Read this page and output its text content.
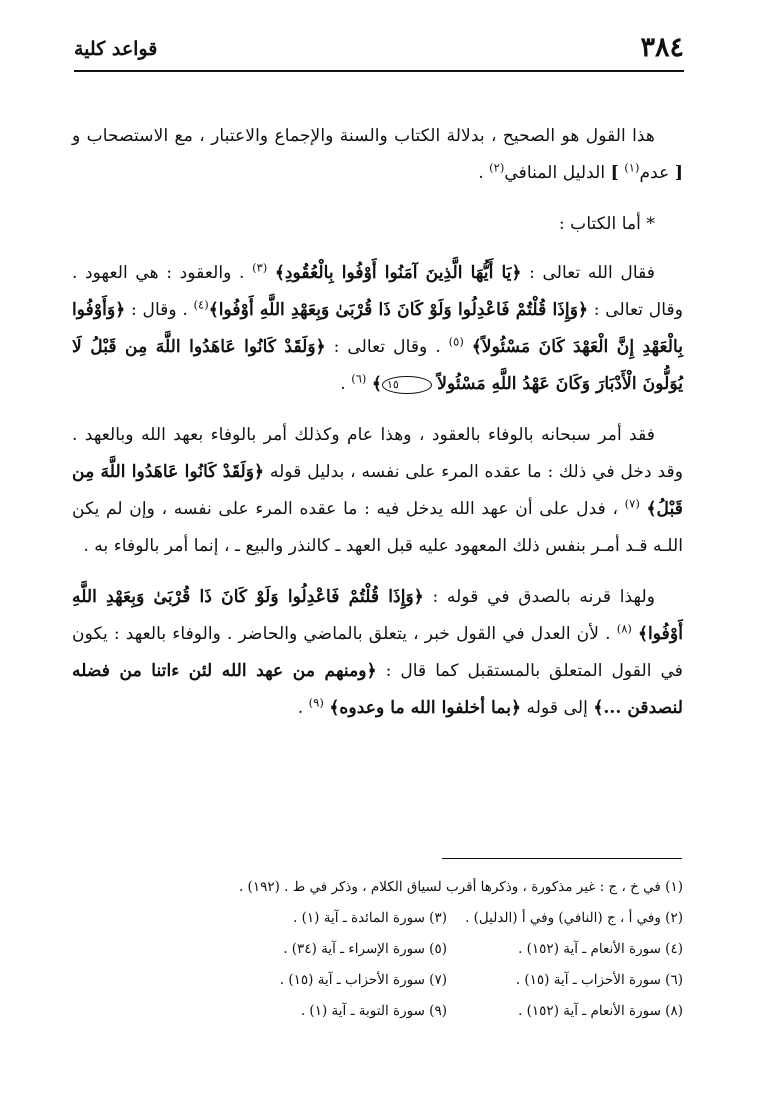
٣٨٤
قواعد كلية

هذا القول هو الصحيح ، بدلالة الكتاب والسنة والإجماع والاعتبار ، مع الاستصحاب و [ عدم$^{(١)}$ ] الدليل المنافي$^{(٢)}$ .

* أما الكتاب :

فقال الله تعالى : ﴿يَا أَيُّهَا الَّذِينَ آمَنُوا أَوْفُوا بِالْعُقُودِ﴾ $^{(٣)}$ . والعقود : هي العهود . وقال تعالى : ﴿وَإِذَا قُلْتُمْ فَاعْدِلُوا وَلَوْ كَانَ ذَا قُرْبَىٰ وَبِعَهْدِ اللَّهِ أَوْفُوا﴾$^{(٤)}$ . وقال : ﴿وَأَوْفُوا بِالْعَهْدِ إِنَّ الْعَهْدَ كَانَ مَسْئُولاً﴾ $^{(٥)}$ . وقال تعالى : ﴿وَلَقَدْ كَانُوا عَاهَدُوا اللَّهَ مِن قَبْلُ لَا يُوَلُّونَ الْأَدْبَارَ وَكَانَ عَهْدُ اللَّهِ مَسْئُولاً ١٥﴾ $^{(٦)}$ .

فقد أمر سبحانه بالوفاء بالعقود ، وهذا عام وكذلك أمر بالوفاء بعهد الله وبالعهد . وقد دخل في ذلك : ما عقده المرء على نفسه ، بدليل قوله ﴿وَلَقَدْ كَانُوا عَاهَدُوا اللَّهَ مِن قَبْلُ﴾ $^{(٧)}$ ، فدل على أن عهد الله يدخل فيه : ما عقده المرء على نفسه ، وإن لم يكن اللـه قـد أمـر بنفس ذلك المعهود عليه قبل العهد ـ كالنذر والبيع ـ ، إنما أمر بالوفاء به .

ولهذا قرنه بالصدق في قوله : ﴿وَإِذَا قُلْتُمْ فَاعْدِلُوا وَلَوْ كَانَ ذَا قُرْبَىٰ وَبِعَهْدِ اللَّهِ أَوْفُوا﴾ $^{(٨)}$ . لأن العدل في القول خبر ، يتعلق بالماضي والحاضر . والوفاء بالعهد : يكون في القول المتعلق بالمستقبل كما قال : ﴿ومنهم من عهد الله لئن ءاتنا من فضله لنصدقن ...﴾ إلى قوله ﴿بما أخلفوا الله ما وعدوه﴾ $^{(٩)}$ .

(١) في خ ، ج : غير مذكورة ، وذكرها أقرب لسياق الكلام ، وذكر في ط . (١٩٢) .
(٢) وفي أ ، ج (النافي) وفي أ (الدليل) .
(٣) سورة المائدة ـ آية (١) .
(٤) سورة الأنعام ـ آية (١٥٢) .
(٥) سورة الإسراء ـ آية (٣٤) .
(٦) سورة الأحزاب ـ آية (١٥) .
(٧) سورة الأحزاب ـ آية (١٥) .
(٨) سورة الأنعام ـ آية (١٥٢) .
(٩) سورة التوبة ـ آية (١) .
